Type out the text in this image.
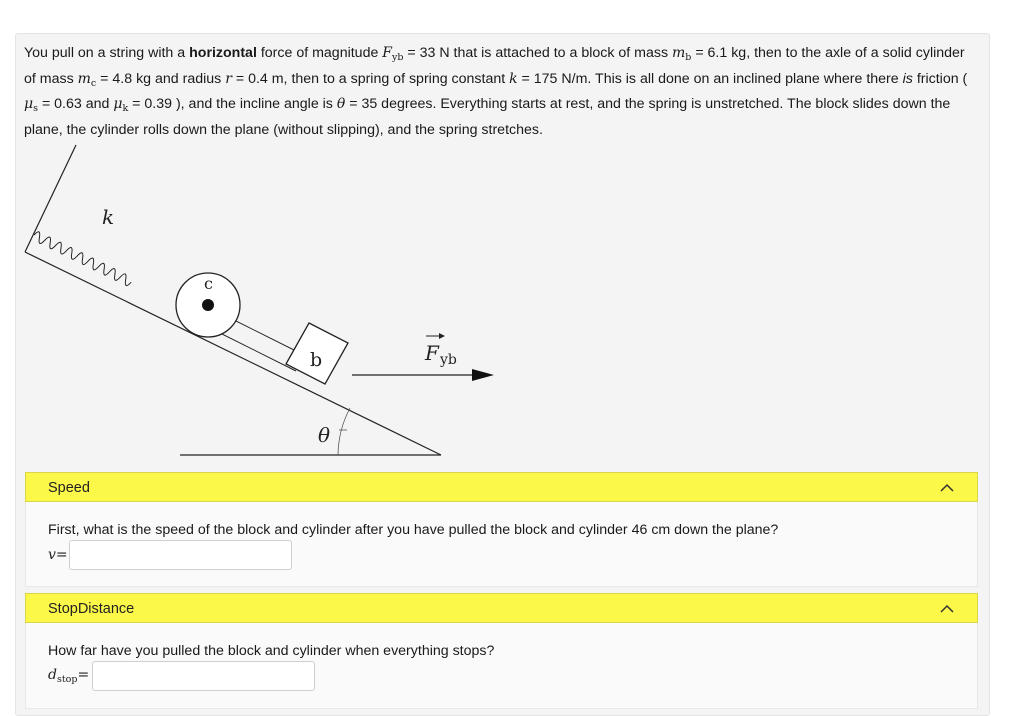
You pull on a string with a horizontal force of magnitude $F_{yb} = 33$ N that is attached to a block of mass $m_b = 6.1$ kg, then to the axle of a solid cylinder of mass $m_c = 4.8$ kg and radius r = 0.4 m, then to a spring of spring constant k = 175 N/m. This is all done on an inclined plane where there is friction ( $\mu_s = 0.63$ and $\mu_k = 0.39$ ), and the incline angle is θ = 35 degrees. Everything starts at rest, and the spring is unstretched. The block slides down the plane, the cylinder rolls down the plane (without slipping), and the spring stretches.
k
c
b
θ
F yb
Speed
First, what is the speed of the block and cylinder after you have pulled the block and cylinder 46 cm down the plane?
v=
StopDistance
How far have you pulled the block and cylinder when everything stops?
$d_{stop}=$
